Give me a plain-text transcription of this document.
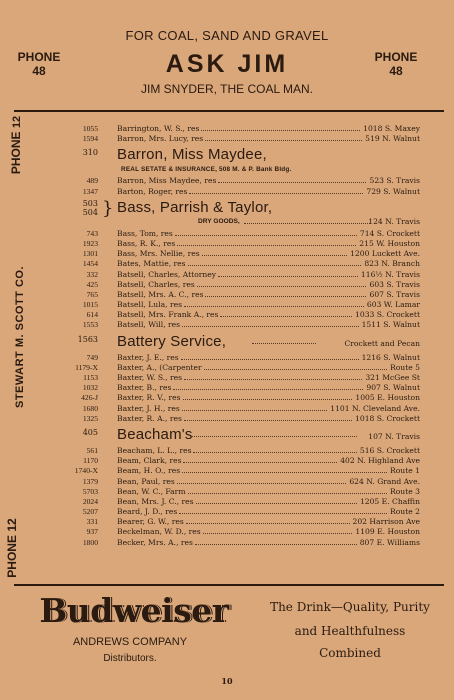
FOR COAL, SAND AND GRAVEL
PHONE
48	ASK JIM	PHONE
48
JIM SNYDER, THE COAL MAN.
PHONE 12
STEWART M. SCOTT CO.
PHONE 12
1055	Barrington, W. S., res	1018 S. Maxey
1594	Barron, Mrs. Lucy, res	519 N. Walnut
310 Barron, Miss Maydee,
REAL SETATE & INSURANCE, 508 M. & P. Bank Bldg.
489	Barron, Miss Maydee, res	523 S. Travis
1347	Barton, Roger, res	729 S. Walnut
503
504 } Bass, Parrish & Taylor,
DRY GOODS,	124 N. Travis
743	Bass, Tom, res	714 S. Crockett
1923	Bass, R. K., res	215 W. Houston
1301	Bass, Mrs. Nellie, res	1200 Luckett Ave.
1454	Bates, Mattie, res	823 N. Branch
332	Batsell, Charles, Attorney	116½ N. Travis
425	Batsell, Charles, res	603 S. Travis
765	Batsell, Mrs. A. C., res	607 S. Travis
1015	Batsell, Lula, res	603 W. Lamar
614	Batsell, Mrs. Frank A., res	1033 S. Crockett
1553	Batsell, Will, res	1511 S. Walnut
1563 Battery Service,	Crockett and Pecan
749	Baxter, J. E., res	1216 S. Walnut
1179-X	Baxter, A., (Carpenter	Route 5
1153	Baxter, W. S., res	321 McGee St
1032	Baxter, B., res	907 S. Walnut
426-J	Baxter, R. V., res	1005 E. Houston
1680	Baxter, J. H., res	1101 N. Cleveland Ave.
1325	Baxter, R. A., res	1018 S. Crockett
405 Beacham's	107 N. Travis
561	Beacham, L. L., res	516 S. Crockett
1170	Beam, Clark, res	402 N. Highland Ave
1740-X	Beam, H. O., res	Route 1
1379	Bean, Paul, res	624 N. Grand Ave.
5703	Bean, W. C., Farm	Route 3
2024	Bean, Mrs. J. C., res	1205 E. Chaffin
5207	Beard, J. D., res	Route 2
331	Bearer, G. W., res	202 Harrison Ave
937	Beckelman, W. D., res	1109 E. Houston
1800	Becker, Mrs. A., res	807 E. Williams
Budweiser
ANDREWS COMPANY
Distributors.
The Drink—Quality, Purity
and Healthfulness
Combined
10
